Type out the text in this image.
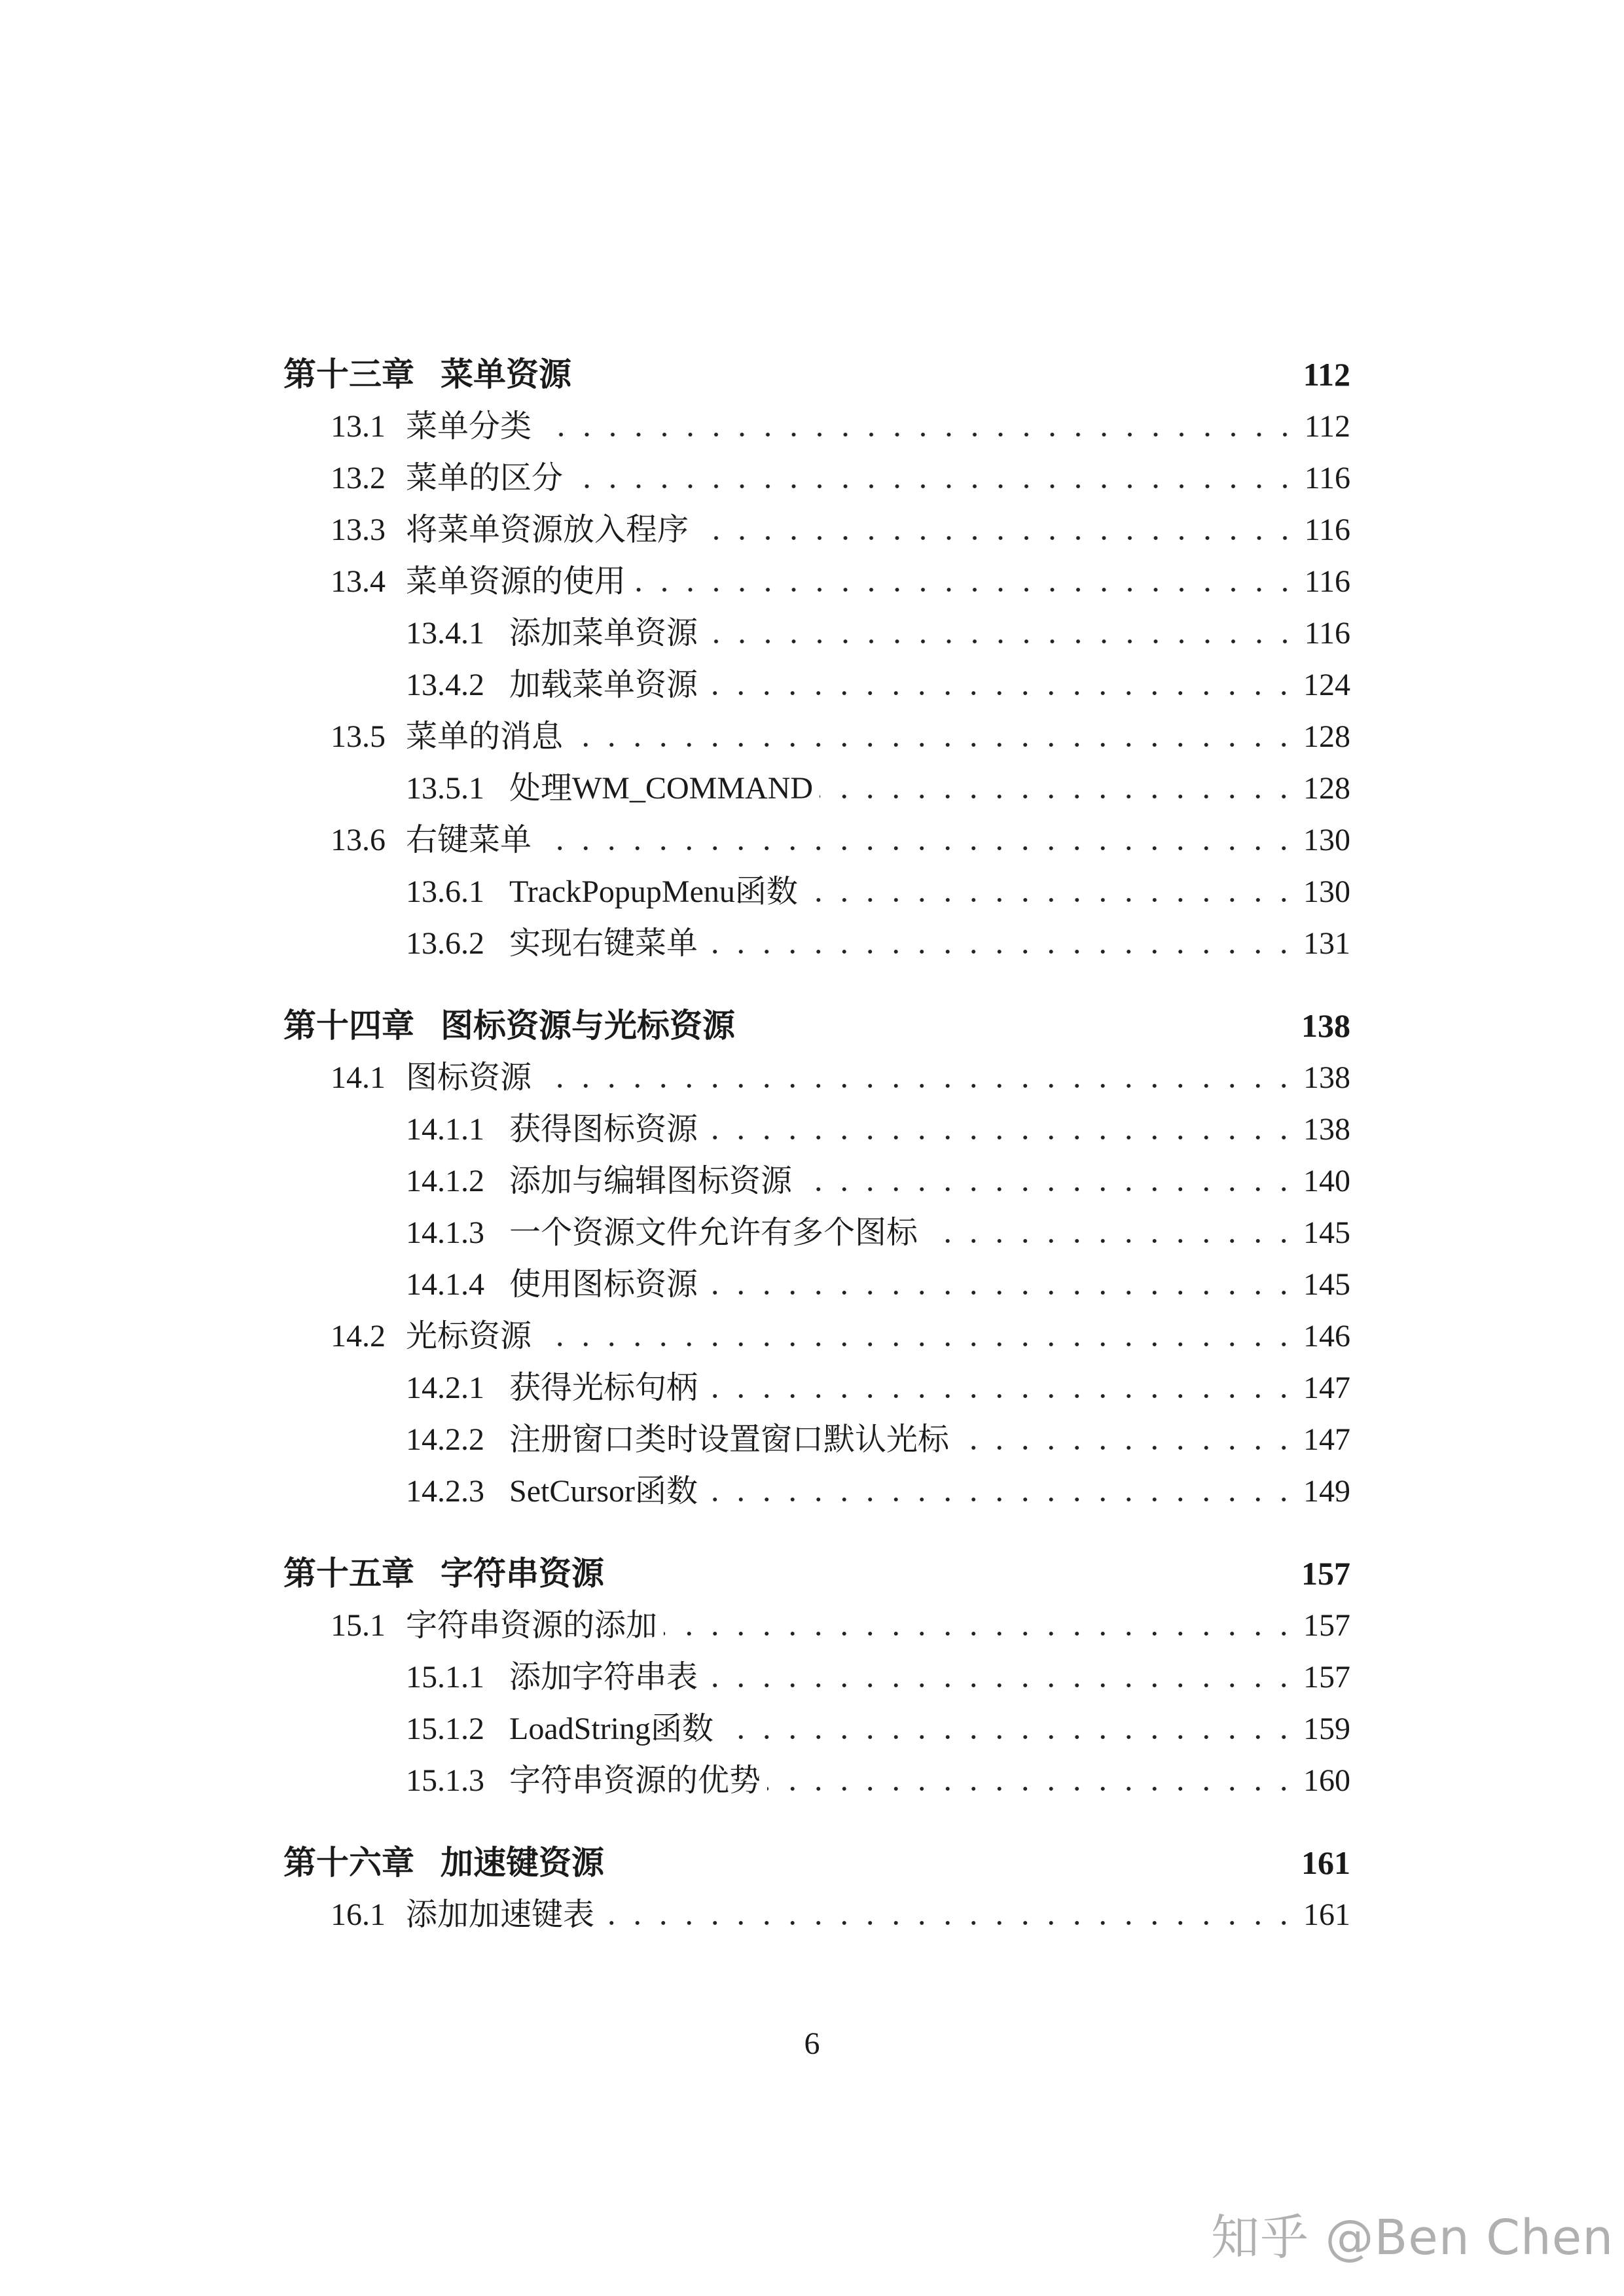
第十三章 菜单资源	112
13.1 菜单分类	112
13.2 菜单的区分	116
13.3 将菜单资源放入程序	116
13.4 菜单资源的使用	116
13.4.1 添加菜单资源	116
13.4.2 加载菜单资源	124
13.5 菜单的消息	128
13.5.1 处理WM_COMMAND	128
13.6 右键菜单	130
13.6.1 TrackPopupMenu函数	130
13.6.2 实现右键菜单	131
第十四章 图标资源与光标资源	138
14.1 图标资源	138
14.1.1 获得图标资源	138
14.1.2 添加与编辑图标资源	140
14.1.3 一个资源文件允许有多个图标	145
14.1.4 使用图标资源	145
14.2 光标资源	146
14.2.1 获得光标句柄	147
14.2.2 注册窗口类时设置窗口默认光标	147
14.2.3 SetCursor函数	149
第十五章 字符串资源	157
15.1 字符串资源的添加	157
15.1.1 添加字符串表	157
15.1.2 LoadString函数	159
15.1.3 字符串资源的优势	160
第十六章 加速键资源	161
16.1 添加加速键表	161
6
知乎 @Ben Chen
